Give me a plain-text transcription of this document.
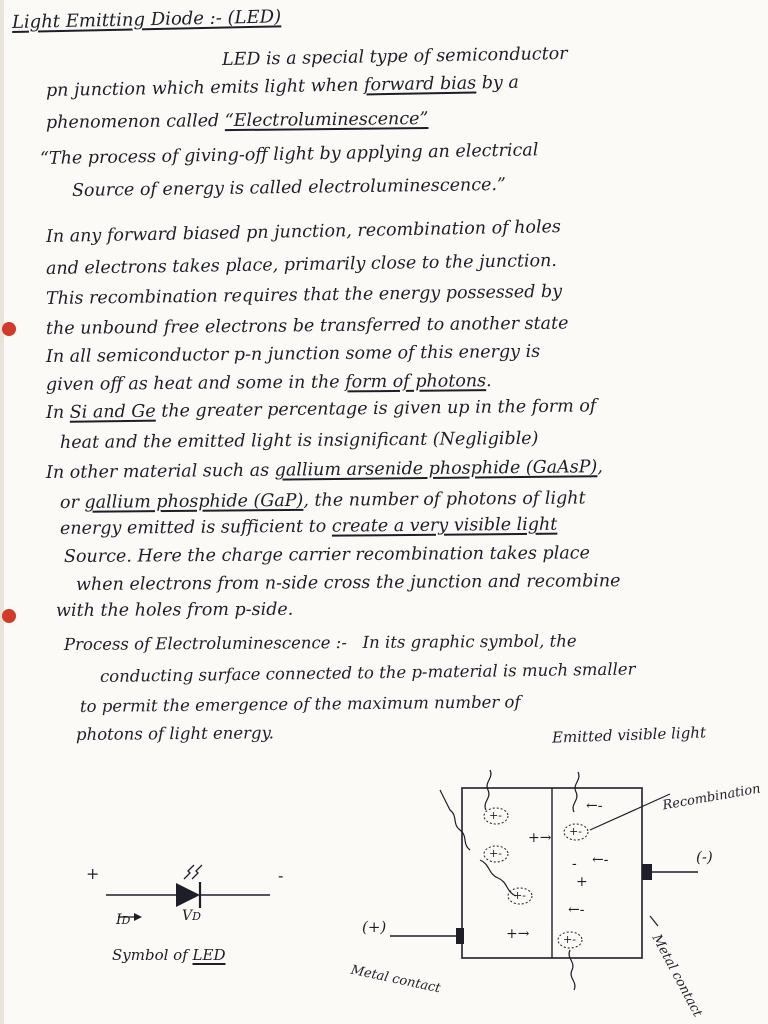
Light Emitting Diode :- (LED)
LED is a special type of semiconductor
pn junction which emits light when forward bias by a
phenomenon called “Electroluminescence”
“The process of giving-off light by applying an electrical
Source of energy is called electroluminescence.”
In any forward biased pn junction, recombination of holes
and electrons takes place, primarily close to the junction.
This recombination requires that the energy possessed by
the unbound free electrons be transferred to another state
In all semiconductor p-n junction some of this energy is
given off as heat and some in the form of photons.
In Si and Ge the greater percentage is given up in the form of
heat and the emitted light is insignificant (Negligible)
In other material such as gallium arsenide phosphide (GaAsP),
or gallium phosphide (GaP), the number of photons of light
energy emitted is sufficient to create a very visible light
Source. Here the charge carrier recombination takes place
when electrons from n-side cross the junction and recombine
with the holes from p-side.
Process of Electroluminescence :- In its graphic symbol, the
conducting surface connected to the p-material is much smaller
to permit the emergence of the maximum number of
photons of light energy.
+	-
ID	VD
Symbol of LED
Emitted visible light
Recombination
(-)
(+)
Metal contact
Metal contact
+-
+-
+-
+-
+-
+→
+→
←-
←-
←-
+
-
